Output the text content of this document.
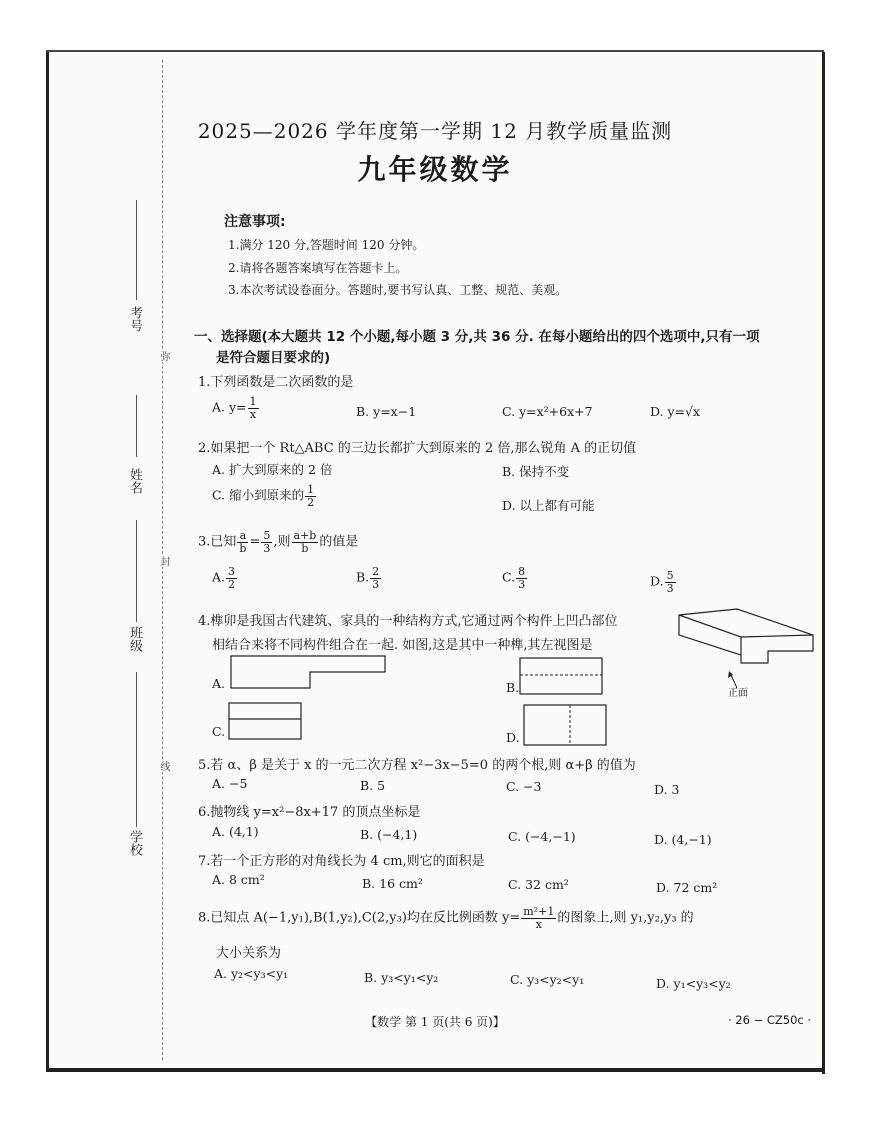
弥
封
线
考号
姓名
班级
学校
2025—2026 学年度第一学期 12 月教学质量监测
九年级数学
注意事项:
1.满分 120 分,答题时间 120 分钟。
2.请将各题答案填写在答题卡上。
3.本次考试设卷面分。答题时,要书写认真、工整、规范、美观。
一、选择题(本大题共 12 个小题,每小题 3 分,共 36 分. 在每小题给出的四个选项中,只有一项
是符合题目要求的)
1.下列函数是二次函数的是
A. $y= \frac{1}{x}$	B. y=x−1	C. y=x²+6x+7	D. y=√x
2.如果把一个 Rt△ABC 的三边长都扩大到原来的 2 倍,那么锐角 A 的正切值
A. 扩大到原来的 2 倍	B. 保持不变
C. 缩小到原来的 $\frac{1}{2}$	D. 以上都有可能
3.已知 $\frac{a}{b} = \frac{5}{3}$ ,则 $\frac{a+b}{b}$ 的值是
A. $\frac{3}{2}$	B. $\frac{2}{3}$	C. $\frac{8}{3}$	D. $\frac{5}{3}$
4.榫卯是我国古代建筑、家具的一种结构方式,它通过两个构件上凹凸部位
相结合来将不同构件组合在一起. 如图,这是其中一种榫,其左视图是
正面
A.	B.
C.	D.
5.若 α、β 是关于 x 的一元二次方程 x²−3x−5=0 的两个根,则 α+β 的值为
A. −5	B. 5	C. −3	D. 3
6.抛物线 y=x²−8x+17 的顶点坐标是
A. (4,1)	B. (−4,1)	C. (−4,−1)	D. (4,−1)
7.若一个正方形的对角线长为 4 cm,则它的面积是
A. 8 cm²	B. 16 cm²	C. 32 cm²	D. 72 cm²
8.已知点 A(−1,y₁),B(1,y₂),C(2,y₃)均在反比例函数 $y= \frac{\text{m²+1}}{x}$ 的图象上,则 y₁,y₂,y₃ 的
大小关系为
A. y₂<y₃<y₁	B. y₃<y₁<y₂	C. y₃<y₂<y₁	D. y₁<y₃<y₂
【数学 第 1 页(共 6 页)】	· 26 − CZ50c ·
